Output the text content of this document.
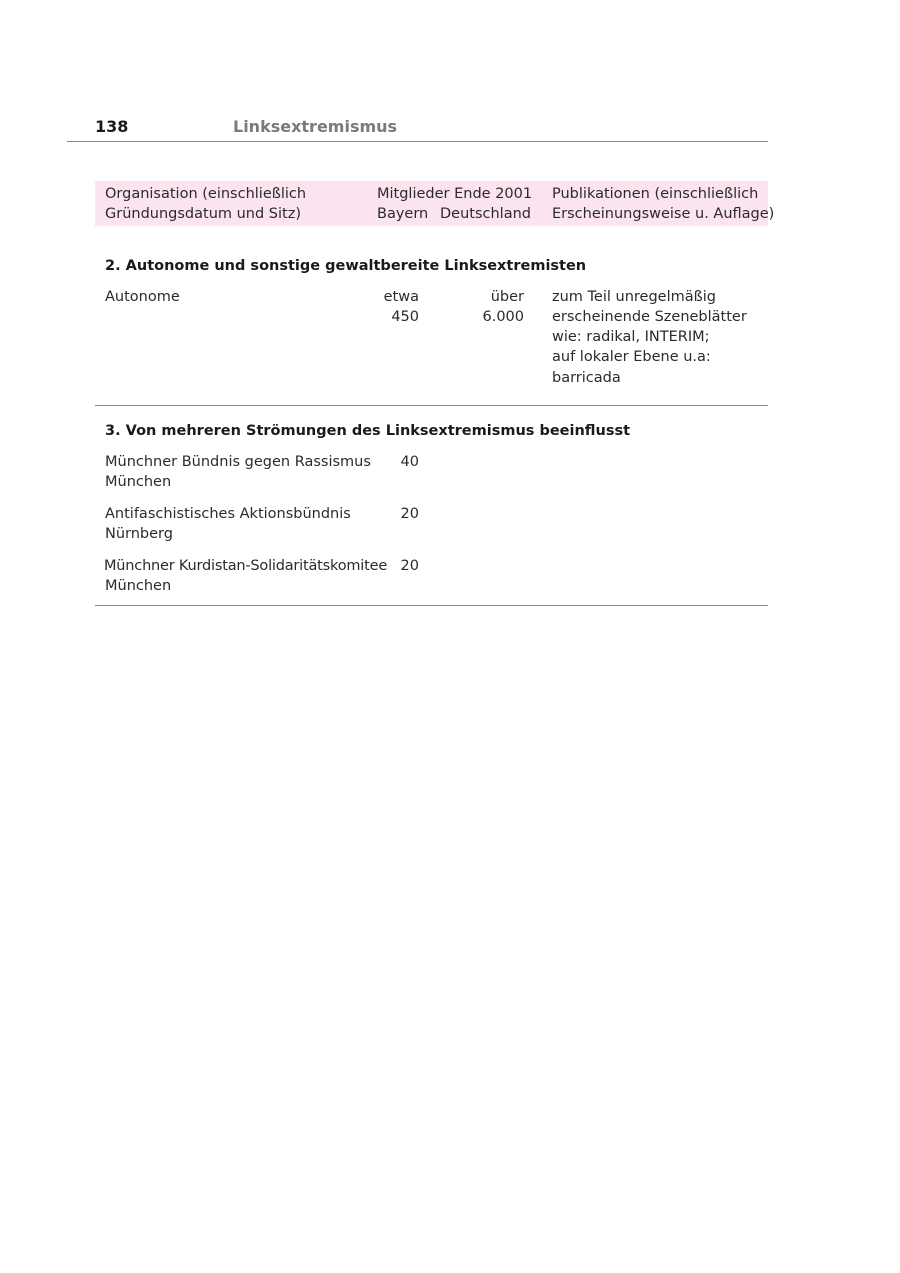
138	Linksextremismus
Organisation (einschließlich
Gründungsdatum und Sitz)
Mitglieder Ende 2001
Bayern Deutschland
Publikationen (einschließlich
Erscheinungsweise u. Auflage)
2. Autonome und sonstige gewaltbereite Linksextremisten
Autonome	etwa
450
über
6.000
zum Teil unregelmäßig
erscheinende Szeneblätter
wie: radikal, INTERIM;
auf lokaler Ebene u.a:
barricada
3. Von mehreren Strömungen des Linksextremismus beeinflusst
Münchner Bündnis gegen Rassismus
München
40
Antifaschistisches Aktionsbündnis
Nürnberg
20
Münchner Kurdistan-Solidaritätskomitee
München
20
